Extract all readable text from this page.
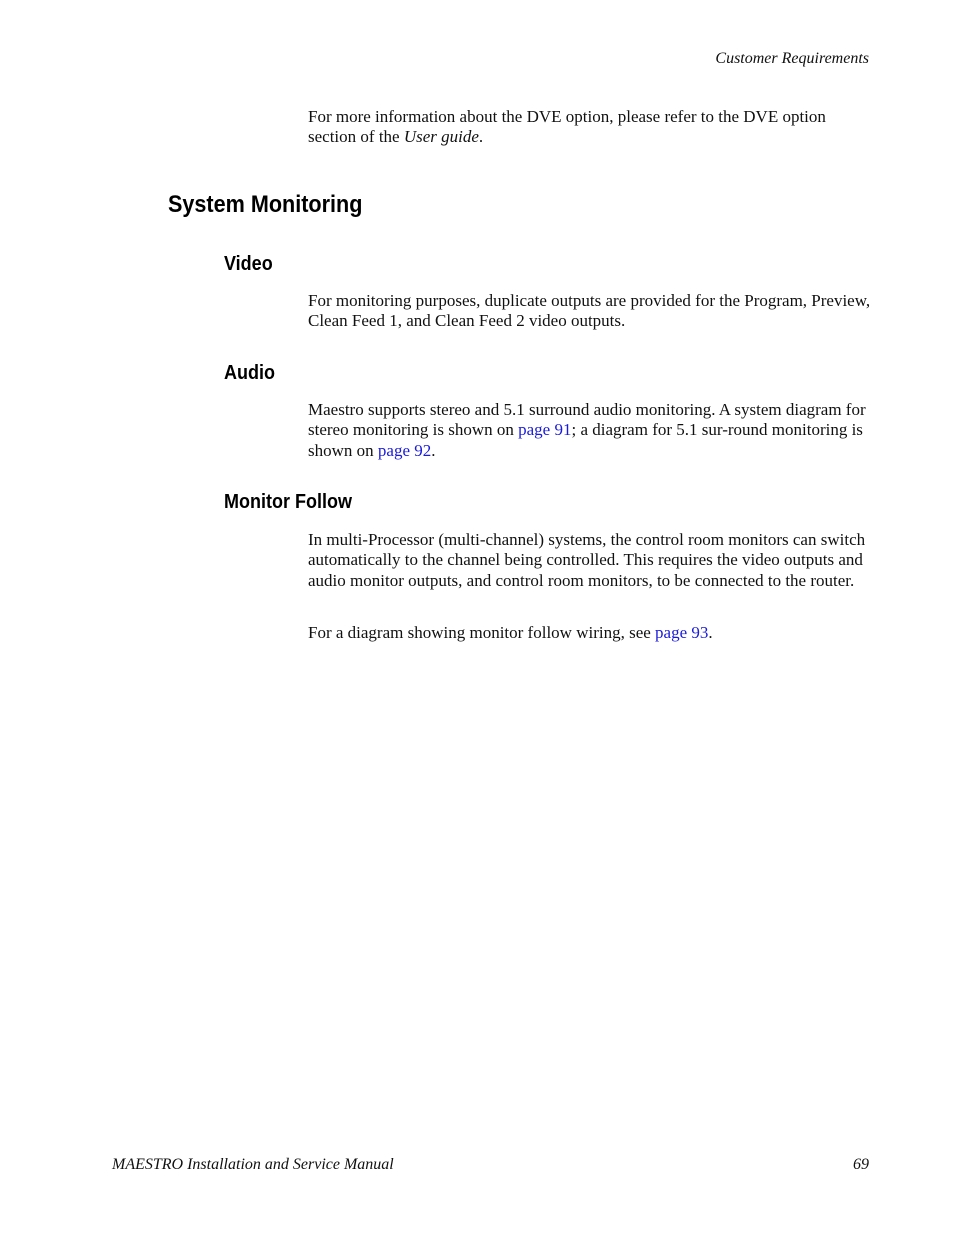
Customer Requirements

For more information about the DVE option, please refer to the DVE option section of the User guide.

System Monitoring
Video

For monitoring purposes, duplicate outputs are provided for the Program, Preview, Clean Feed 1, and Clean Feed 2 video outputs.

Audio

Maestro supports stereo and 5.1 surround audio monitoring. A system diagram for stereo monitoring is shown on page 91; a diagram for 5.1 sur-round monitoring is shown on page 92.

Monitor Follow

In multi-Processor (multi-channel) systems, the control room monitors can switch automatically to the channel being controlled. This requires the video outputs and audio monitor outputs, and control room monitors, to be connected to the router.

For a diagram showing monitor follow wiring, see page 93.

MAESTRO Installation and Service Manual	69
